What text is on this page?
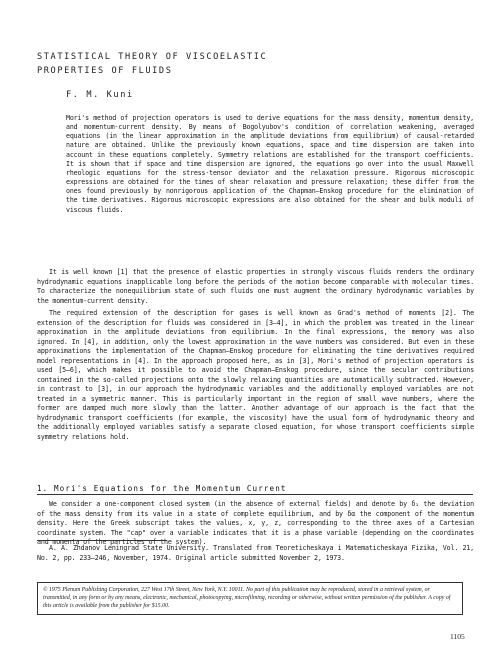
STATISTICAL THEORY OF VISCOELASTIC
PROPERTIES OF FLUIDS
F. M. Kuni
Mori's method of projection operators is used to derive equations for the mass density, momentum density, and momentum-current density. By means of Bogolyubov's condition of correlation weakening, averaged equations (in the linear approximation in the amplitude deviations from equilibrium) of causal-retarded nature are obtained. Unlike the previously known equations, space and time dispersion are taken into account in these equations completely. Symmetry relations are established for the transport coefficients. It is shown that if space and time dispersion are ignored, the equations go over into the usual Maxwell rheologic equations for the stress-tensor deviator and the relaxation pressure. Rigorous microscopic expressions are obtained for the times of shear relaxation and pressure relaxation; these differ from the ones found previously by nonrigorous application of the Chapman–Enskog procedure for the elimination of the time derivatives. Rigorous microscopic expressions are also obtained for the shear and bulk moduli of viscous fluids.

It is well known [1] that the presence of elastic properties in strongly viscous fluids renders the ordinary hydrodynamic equations inapplicable long before the periods of the motion become comparable with molecular times. To characterize the nonequilibrium state of such fluids one must augment the ordinary hydrodynamic variables by the momentum-current density.

The required extension of the description for gases is well known as Grad's method of moments [2]. The extension of the description for fluids was considered in [3–4], in which the problem was treated in the linear approximation in the amplitude deviations from equilibrium. In the final expressions, the memory was also ignored. In [4], in addition, only the lowest approximation in the wave numbers was considered. But even in these approximations the implementation of the Chapman–Enskog procedure for eliminating the time derivatives required model representations in [4]. In the approach proposed here, as in [3], Mori's method of projection operators is used [5–6], which makes it possible to avoid the Chapman–Enskog procedure, since the secular contributions contained in the so-called projections onto the slowly relaxing quantities are automatically subtracted. However, in contrast to [3], in our approach the hydrodynamic variables and the additionally employed variables are not treated in a symmetric manner. This is particularly important in the region of small wave numbers, where the former are damped much more slowly than the latter. Another advantage of our approach is the fact that the hydrodynamic transport coefficients (for example, the viscosity) have the usual form of hydrodynamic theory and the additionally employed variables satisfy a separate closed equation, for whose transport coefficients simple symmetry relations hold.

1. Mori's Equations for the Momentum Current

We consider a one-component closed system (in the absence of external fields) and denote by δ₁ the deviation of the mass density from its value in a state of complete equilibrium, and by δα the component of the momentum density. Here the Greek subscript takes the values, x, y, z, corresponding to the three axes of a Cartesian coordinate system. The "cap" over a variable indicates that it is a phase variable (depending on the coordinates and momenta of the particles of the system).

A. A. Zhdanov Leningrad State University. Translated from Teoreticheskaya i Matematicheskaya Fizika, Vol. 21, No. 2, pp. 233–246, November, 1974. Original article submitted November 2, 1973.
© 1975 Plenum Publishing Corporation, 227 West 17th Street, New York, N.Y. 10011. No part of this publication may be reproduced, stored in a retrieval system, or transmitted, in any form or by any means, electronic, mechanical, photocopying, microfilming, recording or otherwise, without written permission of the publisher. A copy of this article is available from the publisher for $15.00.
1105
